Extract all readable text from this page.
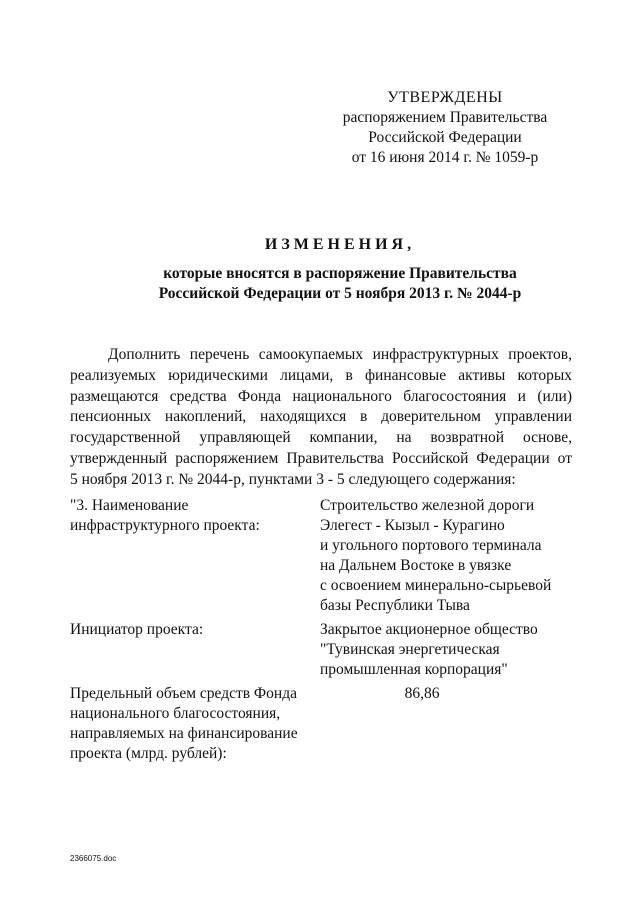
УТВЕРЖДЕНЫ
распоряжением Правительства
Российской Федерации
от 16 июня 2014 г. № 1059-р
ИЗМЕНЕНИЯ,
которые вносятся в распоряжение Правительства
Российской Федерации от 5 ноября 2013 г. № 2044-р
Дополнить перечень самоокупаемых инфраструктурных проектов,
реализуемых юридическими лицами, в финансовые активы которых
размещаются средства Фонда национального благосостояния и (или)
пенсионных накоплений, находящихся в доверительном управлении
государственной управляющей компании, на возвратной основе,
утвержденный распоряжением Правительства Российской Федерации от
5 ноября 2013 г. № 2044-р, пунктами 3 - 5 следующего содержания:
"3. Наименование
инфраструктурного проекта:
Строительство железной дороги
Элегест - Кызыл - Курагино
и угольного портового терминала
на Дальнем Востоке в увязке
с освоением минерально-сырьевой
базы Республики Тыва
Инициатор проекта:	Закрытое акционерное общество
"Тувинская энергетическая
промышленная корпорация"
Предельный объем средств Фонда
национального благосостояния,
направляемых на финансирование
проекта (млрд. рублей):
86,86
2366075.doc
